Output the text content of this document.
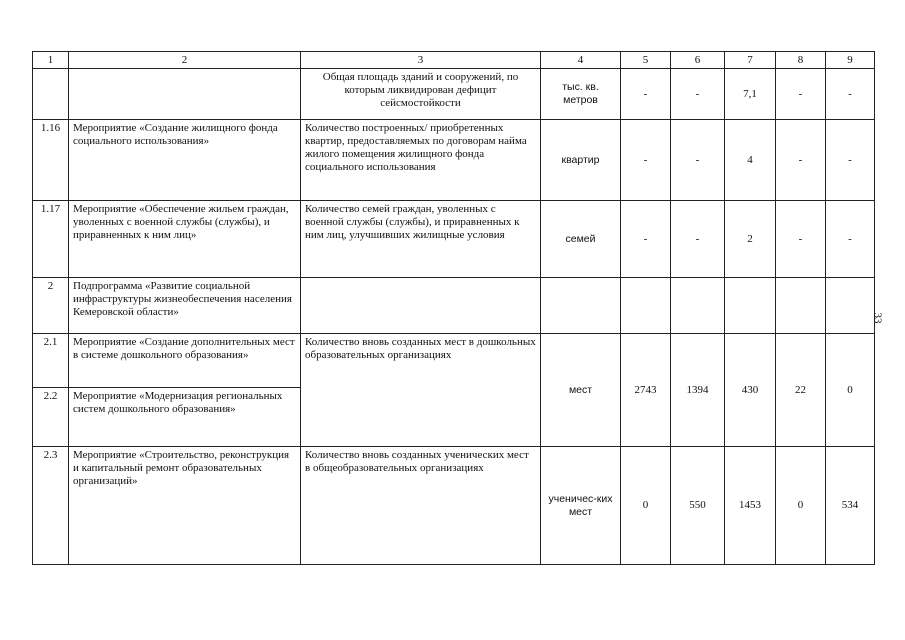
1	2	3	4	5	6	7	8	9
		Общая площадь зданий и сооружений, по которым ликвидирован дефицит сейсмостойкости	тыс. кв. метров	-	-	7,1	-	-
1.16	Мероприятие «Создание жилищного фонда социального использования»	Количество построенных/ приобретенных квартир, предоставляемых по договорам найма жилого помещения жилищного фонда социального использования	квартир	-	-	4	-	-
1.17	Мероприятие «Обеспечение жильем граждан, уволенных с военной службы (службы), и приравненных к ним лиц»	Количество семей граждан, уволенных с военной службы (службы), и приравненных к ним лиц, улучшивших жилищные условия	семей	-	-	2	-	-
2	Подпрограмма «Развитие социальной инфраструктуры жизнеобеспечения населения Кемеровской области»							
2.1	Мероприятие «Создание дополнительных мест в системе дошкольного образования»	Количество вновь созданных мест в дошкольных образовательных организациях	мест	2743	1394	430	22	0
2.2	Мероприятие «Модернизация региональных систем дошкольного образования»							
2.3	Мероприятие «Строительство, реконструкция и капитальный ремонт образовательных организаций»	Количество вновь созданных ученических мест в общеобразовательных организациях	ученичес-ких мест	0	550	1453	0	534
33
